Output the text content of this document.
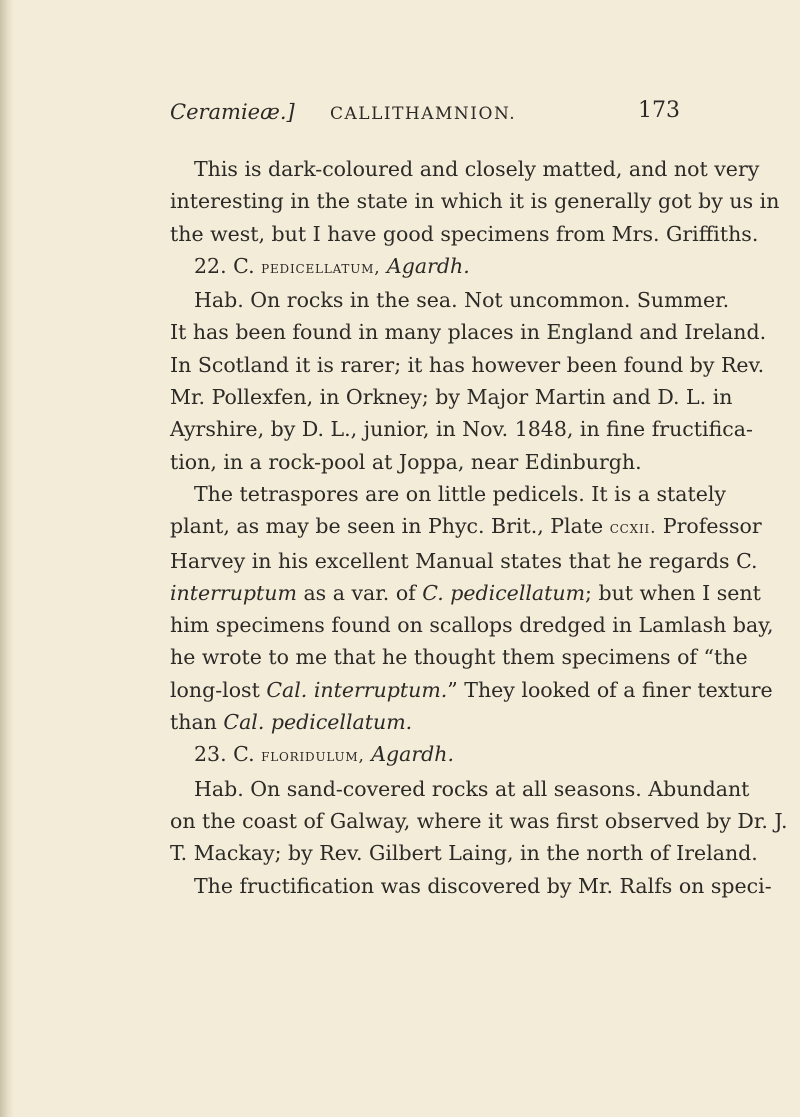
Ceramieæ.] CALLITHAMNION.	173
This is dark-coloured and closely matted, and not very
interesting in the state in which it is generally got by us in
the west, but I have good specimens from Mrs. Griffiths.
22. C. pedicellatum, Agardh.
Hab. On rocks in the sea. Not uncommon. Summer.
It has been found in many places in England and Ireland.
In Scotland it is rarer; it has however been found by Rev.
Mr. Pollexfen, in Orkney; by Major Martin and D. L. in
Ayrshire, by D. L., junior, in Nov. 1848, in fine fructifica-
tion, in a rock-pool at Joppa, near Edinburgh.
The tetraspores are on little pedicels. It is a stately
plant, as may be seen in Phyc. Brit., Plate ccxii. Professor
Harvey in his excellent Manual states that he regards C.
interruptum as a var. of C. pedicellatum; but when I sent
him specimens found on scallops dredged in Lamlash bay,
he wrote to me that he thought them specimens of “the
long-lost Cal. interruptum.” They looked of a finer texture
than Cal. pedicellatum.
23. C. floridulum, Agardh.
Hab. On sand-covered rocks at all seasons. Abundant
on the coast of Galway, where it was first observed by Dr. J.
T. Mackay; by Rev. Gilbert Laing, in the north of Ireland.
The fructification was discovered by Mr. Ralfs on speci-
